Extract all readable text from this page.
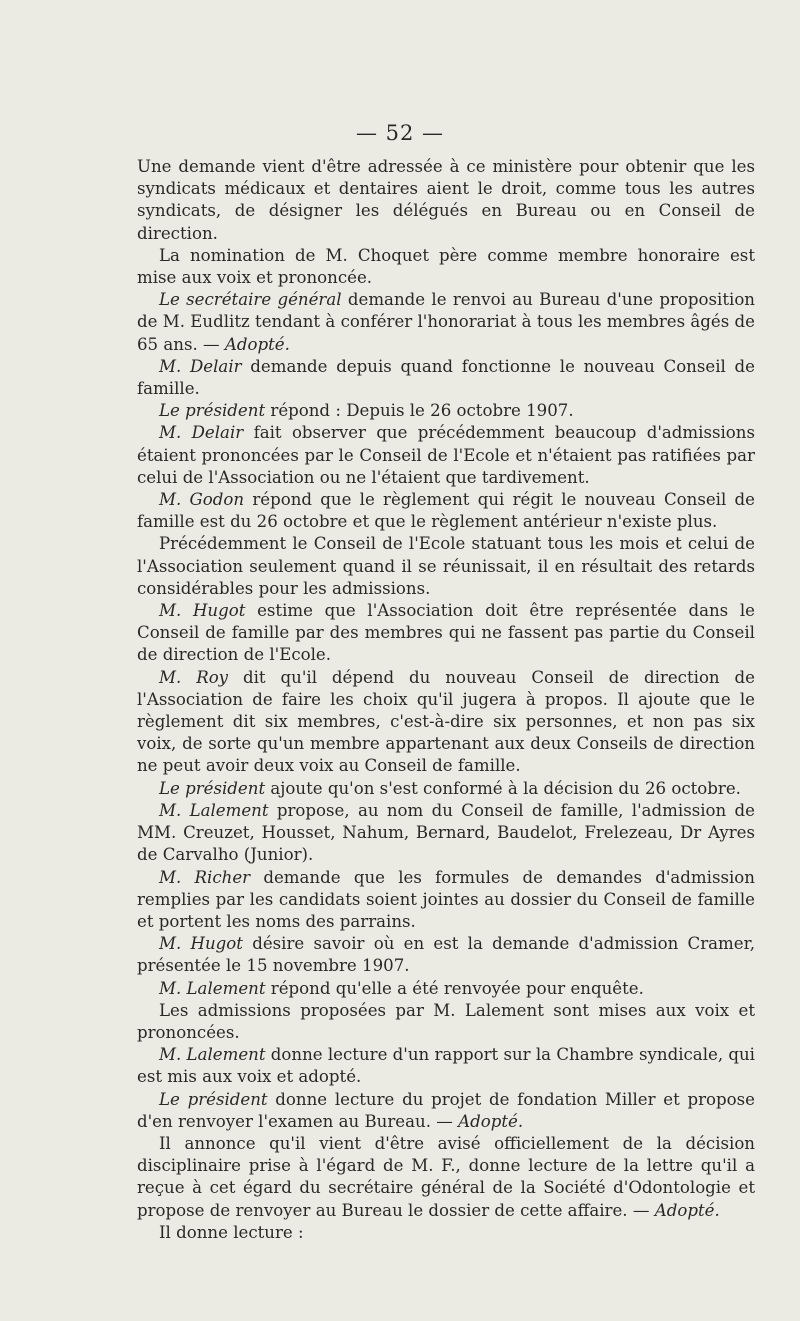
— 52 —

Une demande vient d'être adressée à ce ministère pour obtenir que les syndicats médicaux et dentaires aient le droit, comme tous les autres syndicats, de désigner les délégués en Bureau ou en Conseil de direction.

La nomination de M. Choquet père comme membre honoraire est mise aux voix et prononcée.

Le secrétaire général demande le renvoi au Bureau d'une proposition de M. Eudlitz tendant à conférer l'honorariat à tous les membres âgés de 65 ans. — Adopté.

M. Delair demande depuis quand fonctionne le nouveau Conseil de famille.

Le président répond : Depuis le 26 octobre 1907.

M. Delair fait observer que précédemment beaucoup d'admissions étaient prononcées par le Conseil de l'Ecole et n'étaient pas ratifiées par celui de l'Association ou ne l'étaient que tardivement.

M. Godon répond que le règlement qui régit le nouveau Conseil de famille est du 26 octobre et que le règlement antérieur n'existe plus.

Précédemment le Conseil de l'Ecole statuant tous les mois et celui de l'Association seulement quand il se réunissait, il en résultait des retards considérables pour les admissions.

M. Hugot estime que l'Association doit être représentée dans le Conseil de famille par des membres qui ne fassent pas partie du Conseil de direction de l'Ecole.

M. Roy dit qu'il dépend du nouveau Conseil de direction de l'Association de faire les choix qu'il jugera à propos. Il ajoute que le règlement dit six membres, c'est-à-dire six personnes, et non pas six voix, de sorte qu'un membre appartenant aux deux Conseils de direction ne peut avoir deux voix au Conseil de famille.

Le président ajoute qu'on s'est conformé à la décision du 26 octobre.

M. Lalement propose, au nom du Conseil de famille, l'admission de MM. Creuzet, Housset, Nahum, Bernard, Baudelot, Frelezeau, Dr Ayres de Carvalho (Junior).

M. Richer demande que les formules de demandes d'admission remplies par les candidats soient jointes au dossier du Conseil de famille et portent les noms des parrains.

M. Hugot désire savoir où en est la demande d'admission Cramer, présentée le 15 novembre 1907.

M. Lalement répond qu'elle a été renvoyée pour enquête.

Les admissions proposées par M. Lalement sont mises aux voix et prononcées.

M. Lalement donne lecture d'un rapport sur la Chambre syndicale, qui est mis aux voix et adopté.

Le président donne lecture du projet de fondation Miller et propose d'en renvoyer l'examen au Bureau. — Adopté.

Il annonce qu'il vient d'être avisé officiellement de la décision disciplinaire prise à l'égard de M. F., donne lecture de la lettre qu'il a reçue à cet égard du secrétaire général de la Société d'Odontologie et propose de renvoyer au Bureau le dossier de cette affaire. — Adopté.

Il donne lecture :
